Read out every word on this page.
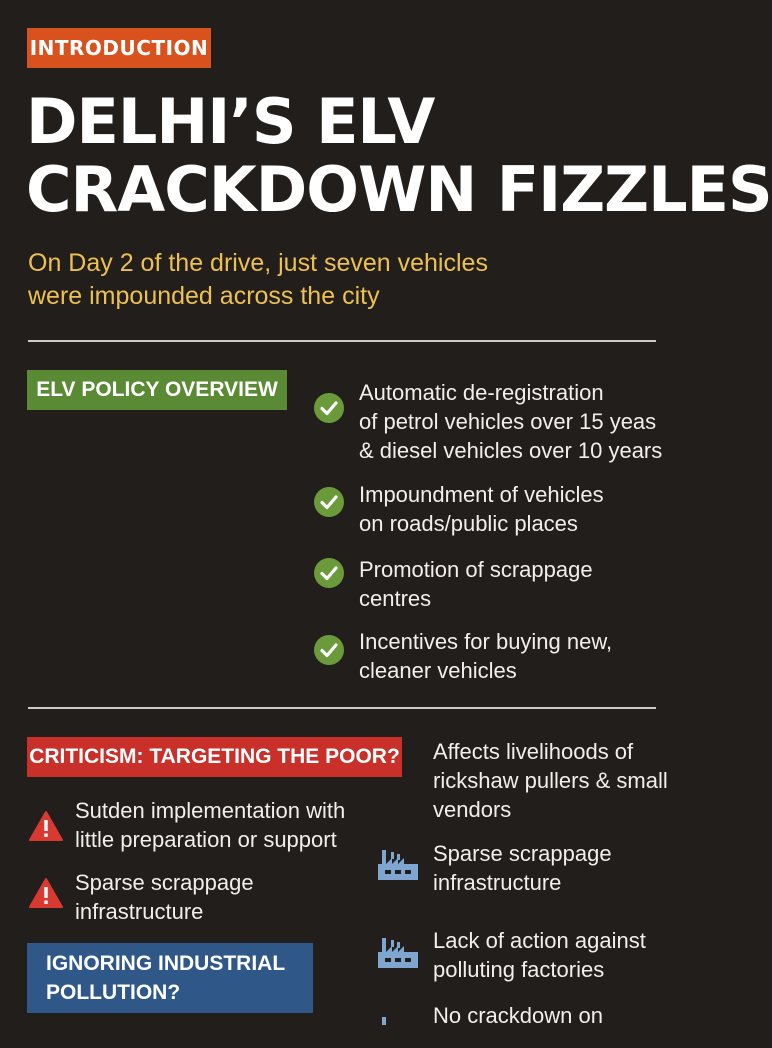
INTRODUCTION
DELHI’S ELV
CRACKDOWN FIZZLES
On Day 2 of the drive, just seven vehicles
were impounded across the city
ELV POLICY OVERVIEW	Automatic de-registration
of petrol vehicles over 15 yeas
& diesel vehicles over 10 years
Impoundment of vehicles
on roads/public places
Promotion of scrappage
centres
Incentives for buying new,
cleaner vehicles
CRITICISM: TARGETING THE POOR?
Sutden implementation with
little preparation or support
Sparse scrappage
infrastructure
IGNORING INDUSTRIAL
POLLUTION?
Affects livelihoods of
rickshaw pullers & small
vendors
Sparse scrappage
infrastructure
Lack of action against
polluting factories
No crackdown on
